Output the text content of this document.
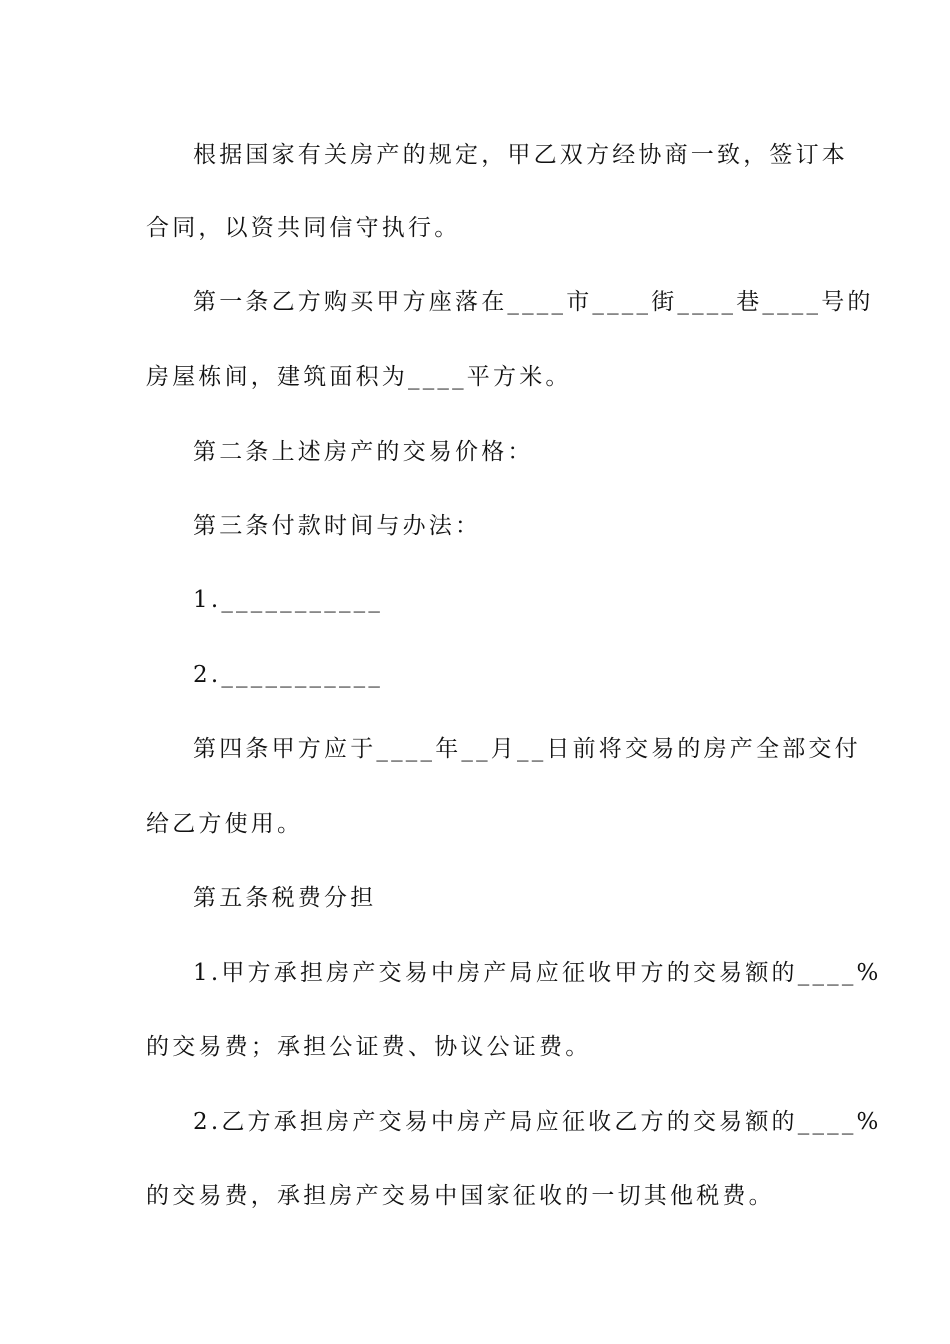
根据国家有关房产的规定，甲乙双方经协商一致，签订本
合同，以资共同信守执行。
第一条乙方购买甲方座落在____市____街____巷____号的
房屋栋间，建筑面积为____平方米。
第二条上述房产的交易价格：
第三条付款时间与办法：
1.___________
2.___________
第四条甲方应于____年__月__日前将交易的房产全部交付
给乙方使用。
第五条税费分担
1.甲方承担房产交易中房产局应征收甲方的交易额的____%
的交易费；承担公证费、协议公证费。
2.乙方承担房产交易中房产局应征收乙方的交易额的____%
的交易费，承担房产交易中国家征收的一切其他税费。
